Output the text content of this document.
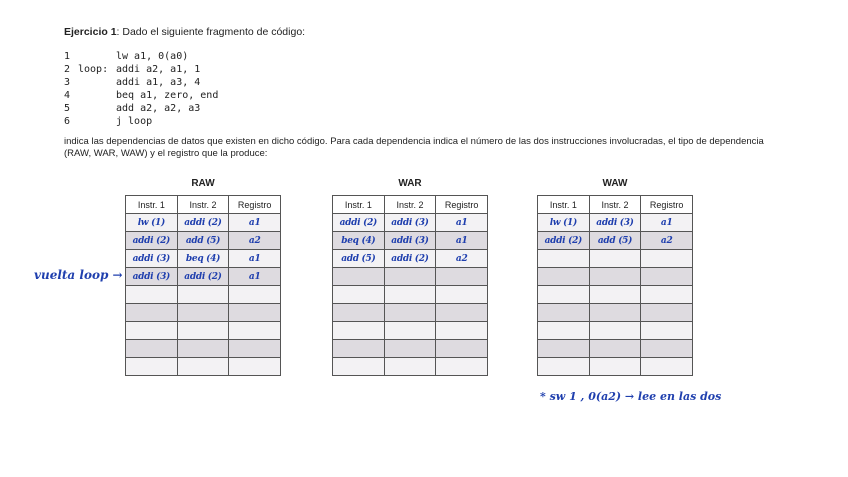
Ejercicio 1: Dado el siguiente fragmento de código:
1	lw a1, 0(a0)
2 loop: addi a2, a1, 1
3	addi a1, a3, 4
4	beq a1, zero, end
5	add a2, a2, a3
6	j loop
indica las dependencias de datos que existen en dicho código. Para cada dependencia indica el número de las dos instrucciones involucradas, el tipo de dependencia (RAW, WAR, WAW) y el registro que la produce:
RAW
Instr. 1	Instr. 2	Registro
lw (1)	addi (2)	a1
addi (2)	add (5)	a2
addi (3)	beq (4)	a1
addi (3)	addi (2)	a1

WAR
Instr. 1	Instr. 2	Registro
addi (2)	addi (3)	a1
beq (4)	addi (3)	a1
add (5)	addi (2)	a2

WAW
Instr. 1	Instr. 2	Registro
lw (1)	addi (3)	a1
addi (2)	add (5)	a2

vuelta loop →
* sw 1 , 0(a2) → lee en las dos
